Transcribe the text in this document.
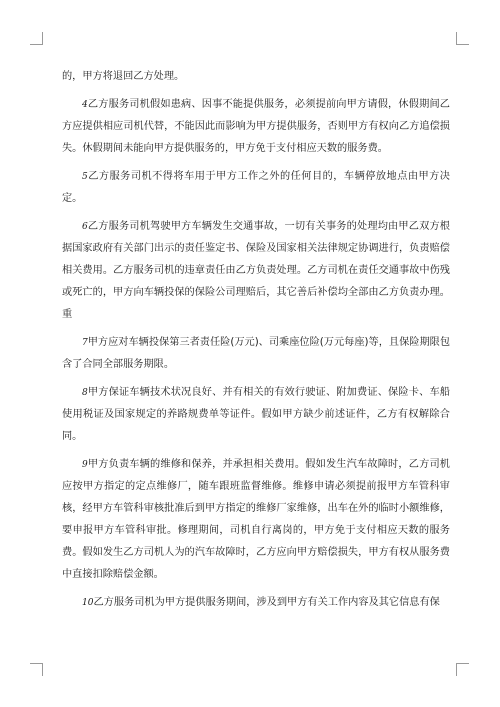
的，甲方将退回乙方处理。

4乙方服务司机假如患病、因事不能提供服务，必须提前向甲方请假，休假期间乙方应提供相应司机代替，不能因此而影响为甲方提供服务，否则甲方有权向乙方追偿损失。休假期间未能向甲方提供服务的，甲方免于支付相应天数的服务费。

5乙方服务司机不得将车用于甲方工作之外的任何目的，车辆停放地点由甲方决定。

6乙方服务司机驾驶甲方车辆发生交通事故，一切有关事务的处理均由甲乙双方根据国家政府有关部门出示的责任鉴定书、保险及国家相关法律规定协调进行，负责赔偿相关费用。乙方服务司机的违章责任由乙方负责处理。乙方司机在责任交通事故中伤残或死亡的，甲方向车辆投保的保险公司理赔后，其它善后补偿均全部由乙方负责办理。重

7甲方应对车辆投保第三者责任险(万元)、司乘座位险(万元每座)等，且保险期限包含了合同全部服务期限。

8甲方保证车辆技术状况良好、并有相关的有效行驶证、附加费证、保险卡、车船使用税证及国家规定的养路规费单等证件。假如甲方缺少前述证件，乙方有权解除合同。

9甲方负责车辆的维修和保养，并承担相关费用。假如发生汽车故障时，乙方司机应按甲方指定的定点维修厂，随车跟班监督维修。维修申请必须提前报甲方车管科审核，经甲方车管科审核批准后到甲方指定的维修厂家维修，出车在外的临时小额维修，要申报甲方车管科审批。修理期间，司机自行离岗的，甲方免于支付相应天数的服务费。假如发生乙方司机人为的汽车故障时，乙方应向甲方赔偿损失，甲方有权从服务费中直接扣除赔偿金额。

10乙方服务司机为甲方提供服务期间，涉及到甲方有关工作内容及其它信息有保
